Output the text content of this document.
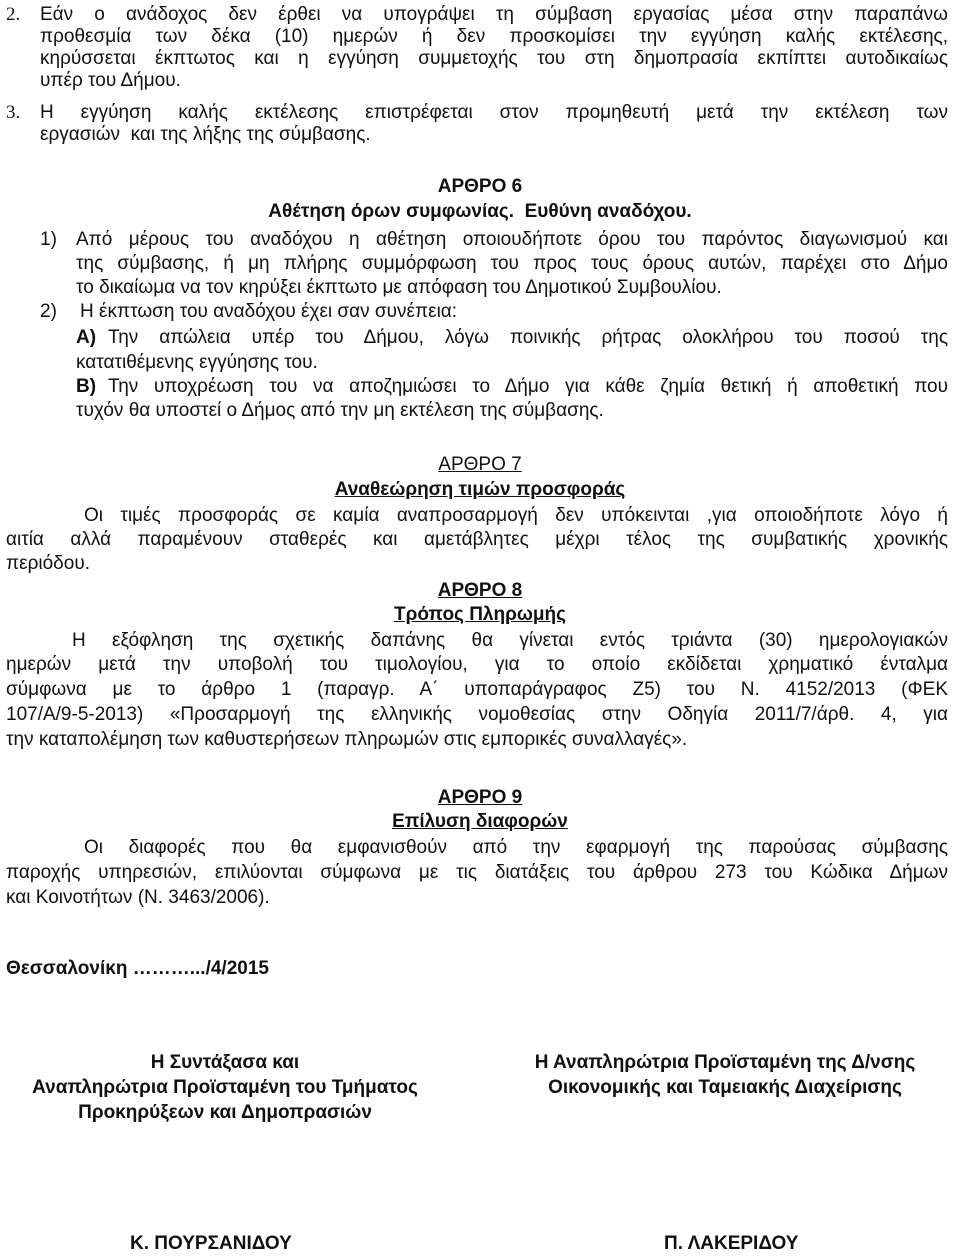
2. Εάν ο ανάδοχος δεν έρθει να υπογράψει τη σύμβαση εργασίας μέσα στην παραπάνω
προθεσμία των δέκα (10) ημερών ή δεν προσκομίσει την εγγύηση καλής εκτέλεσης,
κηρύσσεται έκπτωτος και η εγγύηση συμμετοχής του στη δημοπρασία εκπίπτει αυτοδικαίως
υπέρ του Δήμου.
3. Η εγγύηση καλής εκτέλεσης επιστρέφεται στον προμηθευτή μετά την εκτέλεση των
εργασιών  και της λήξης της σύμβασης.
ΑΡΘΡΟ 6
Αθέτηση όρων συμφωνίας.  Ευθύνη αναδόχου.
1) Από μέρους του αναδόχου η αθέτηση οποιουδήποτε όρου του παρόντος διαγωνισμού και
της σύμβασης, ή μη πλήρης συμμόρφωση του προς τους όρους αυτών, παρέχει στο Δήμο
το δικαίωμα να τον κηρύξει έκπτωτο με απόφαση του Δημοτικού Συμβουλίου.
2) Η έκπτωση του αναδόχου έχει σαν συνέπεια:
Α) Την απώλεια υπέρ του Δήμου, λόγω ποινικής ρήτρας ολοκλήρου του ποσού της
κατατιθέμενης εγγύησης του.
Β) Την υποχρέωση του να αποζημιώσει το Δήμο για κάθε ζημία θετική ή αποθετική που
τυχόν θα υποστεί ο Δήμος από την μη εκτέλεση της σύμβασης.
ΑΡΘΡΟ 7
Αναθεώρηση τιμών προσφοράς
Οι τιμές προσφοράς σε καμία αναπροσαρμογή δεν υπόκεινται ,για οποιοδήποτε λόγο ή
αιτία αλλά παραμένουν σταθερές και αμετάβλητες μέχρι τέλος της συμβατικής χρονικής
περιόδου.
ΑΡΘΡΟ 8
Τρόπος Πληρωμής
Η εξόφληση της σχετικής δαπάνης θα γίνεται εντός τριάντα (30) ημερολογιακών
ημερών μετά την υποβολή του τιμολογίου, για το οποίο εκδίδεται χρηματικό ένταλμα
σύμφωνα με το άρθρο 1 (παραγρ. Α΄ υποπαράγραφος Ζ5) του Ν. 4152/2013 (ΦΕΚ
107/Α/9-5-2013) «Προσαρμογή της ελληνικής νομοθεσίας στην Οδηγία 2011/7/άρθ. 4, για
την καταπολέμηση των καθυστερήσεων πληρωμών στις εμπορικές συναλλαγές».
ΑΡΘΡΟ 9
Επίλυση διαφορών
Οι διαφορές που θα εμφανισθούν από την εφαρμογή της παρούσας σύμβασης
παροχής υπηρεσιών, επιλύονται σύμφωνα με τις διατάξεις του άρθρου 273 του Κώδικα Δήμων
και Κοινοτήτων (Ν. 3463/2006).
Θεσσαλονίκη ……….../4/2015
Η Συντάξασα και
Αναπληρώτρια Προϊσταμένη του Τμήματος
Προκηρύξεων και Δημοπρασιών
Η Αναπληρώτρια Προϊσταμένη της Δ/νσης
Οικονομικής και Ταμειακής Διαχείρισης
Κ. ΠΟΥΡΣΑΝΙΔΟΥ	Π. ΛΑΚΕΡΙΔΟΥ
